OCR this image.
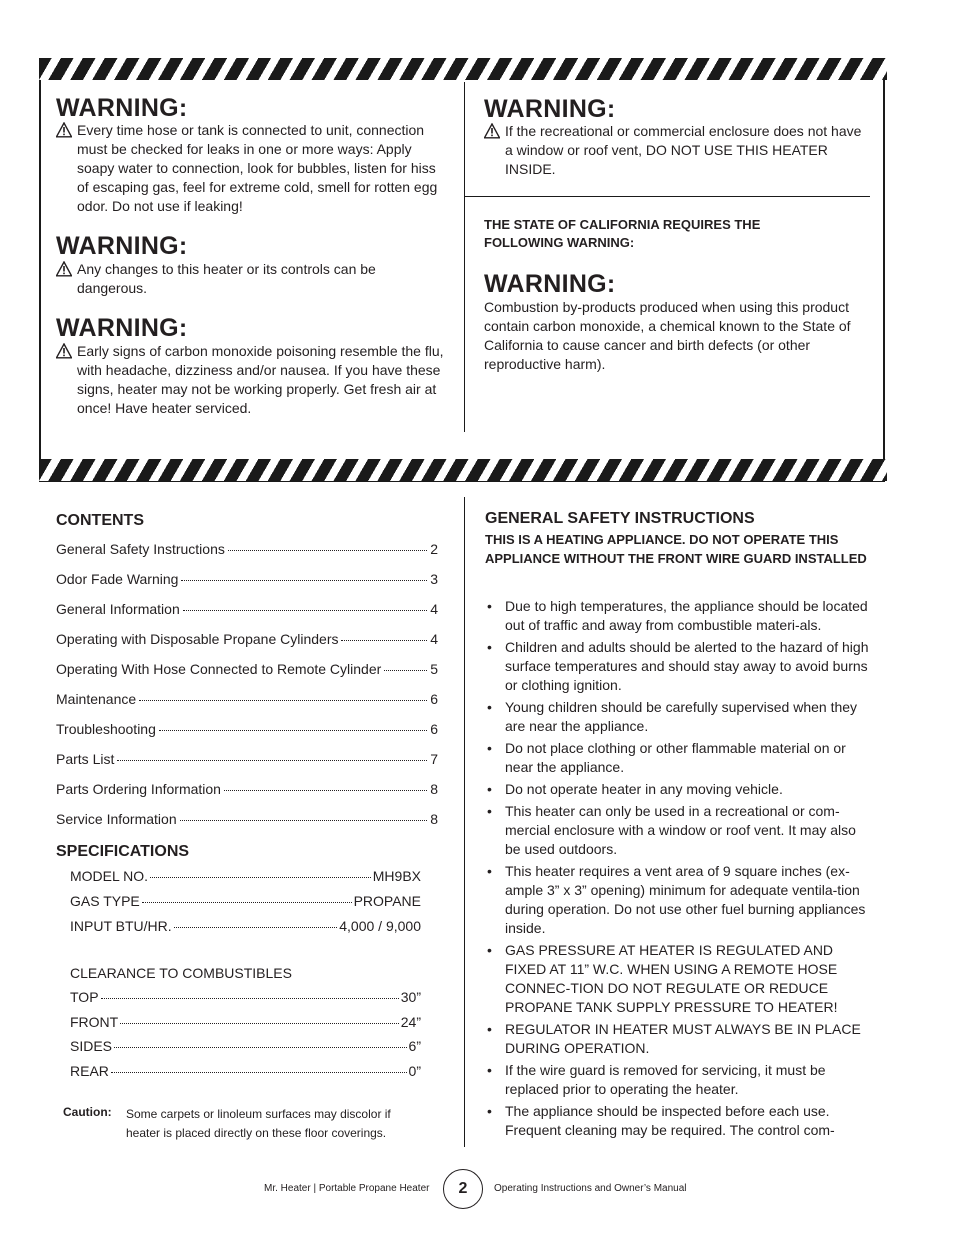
WARNING:
Every time hose or tank is connected to unit, connection must be checked for leaks in one or more ways: Apply soapy water to connection, look for bubbles, listen for hiss of escaping gas, feel for extreme cold, smell for rotten egg odor. Do not use if leaking!
WARNING:
Any changes to this heater or its controls can be dangerous.
WARNING:
Early signs of carbon monoxide poisoning resemble the flu, with headache, dizziness and/or nausea. If you have these signs, heater may not be working properly. Get fresh air at once! Have heater serviced.
WARNING:
If the recreational or commercial enclosure does not have a window or roof vent, DO NOT USE THIS HEATER INSIDE.
THE STATE OF CALIFORNIA REQUIRES THE FOLLOWING WARNING:
WARNING:
Combustion by-products produced when using this product contain carbon monoxide, a chemical known to the State of California to cause cancer and birth defects (or other reproductive harm).
CONTENTS
General Safety Instructions	2
Odor Fade Warning	3
General Information	4
Operating with Disposable Propane Cylinders	4
Operating With Hose Connected to Remote Cylinder	5
Maintenance	6
Troubleshooting	6
Parts List	7
Parts Ordering Information	8
Service Information	8
SPECIFICATIONS
MODEL NO.	MH9BX
GAS TYPE	PROPANE
INPUT BTU/HR.	4,000 / 9,000
CLEARANCE TO COMBUSTIBLES
TOP	30”
FRONT	24”
SIDES	6”
REAR	0”
Caution: Some carpets or linoleum surfaces may discolor if heater is placed directly on these floor coverings.
GENERAL SAFETY INSTRUCTIONS
THIS IS A HEATING APPLIANCE. DO NOT OPERATE THIS APPLIANCE WITHOUT THE FRONT WIRE GUARD INSTALLED
• Due to high temperatures, the appliance should be located out of traffic and away from combustible materi-als.
• Children and adults should be alerted to the hazard of high surface temperatures and should stay away to avoid burns or clothing ignition.
• Young children should be carefully supervised when they are near the appliance.
• Do not place clothing or other flammable material on or near the appliance.
• Do not operate heater in any moving vehicle.
• This heater can only be used in a recreational or com-mercial enclosure with a window or roof vent. It may also be used outdoors.
• This heater requires a vent area of 9 square inches (ex-ample 3” x 3” opening) minimum for adequate ventila-tion during operation. Do not use other fuel burning appliances inside.
• GAS PRESSURE AT HEATER IS REGULATED AND FIXED AT 11” W.C. WHEN USING A REMOTE HOSE CONNEC-TION DO NOT REGULATE OR REDUCE PROPANE TANK SUPPLY PRESSURE TO HEATER!
• REGULATOR IN HEATER MUST ALWAYS BE IN PLACE DURING OPERATION.
• If the wire guard is removed for servicing, it must be replaced prior to operating the heater.
• The appliance should be inspected before each use. Frequent cleaning may be required. The control com-
Mr. Heater | Portable Propane Heater	2	Operating Instructions and Owner’s Manual
